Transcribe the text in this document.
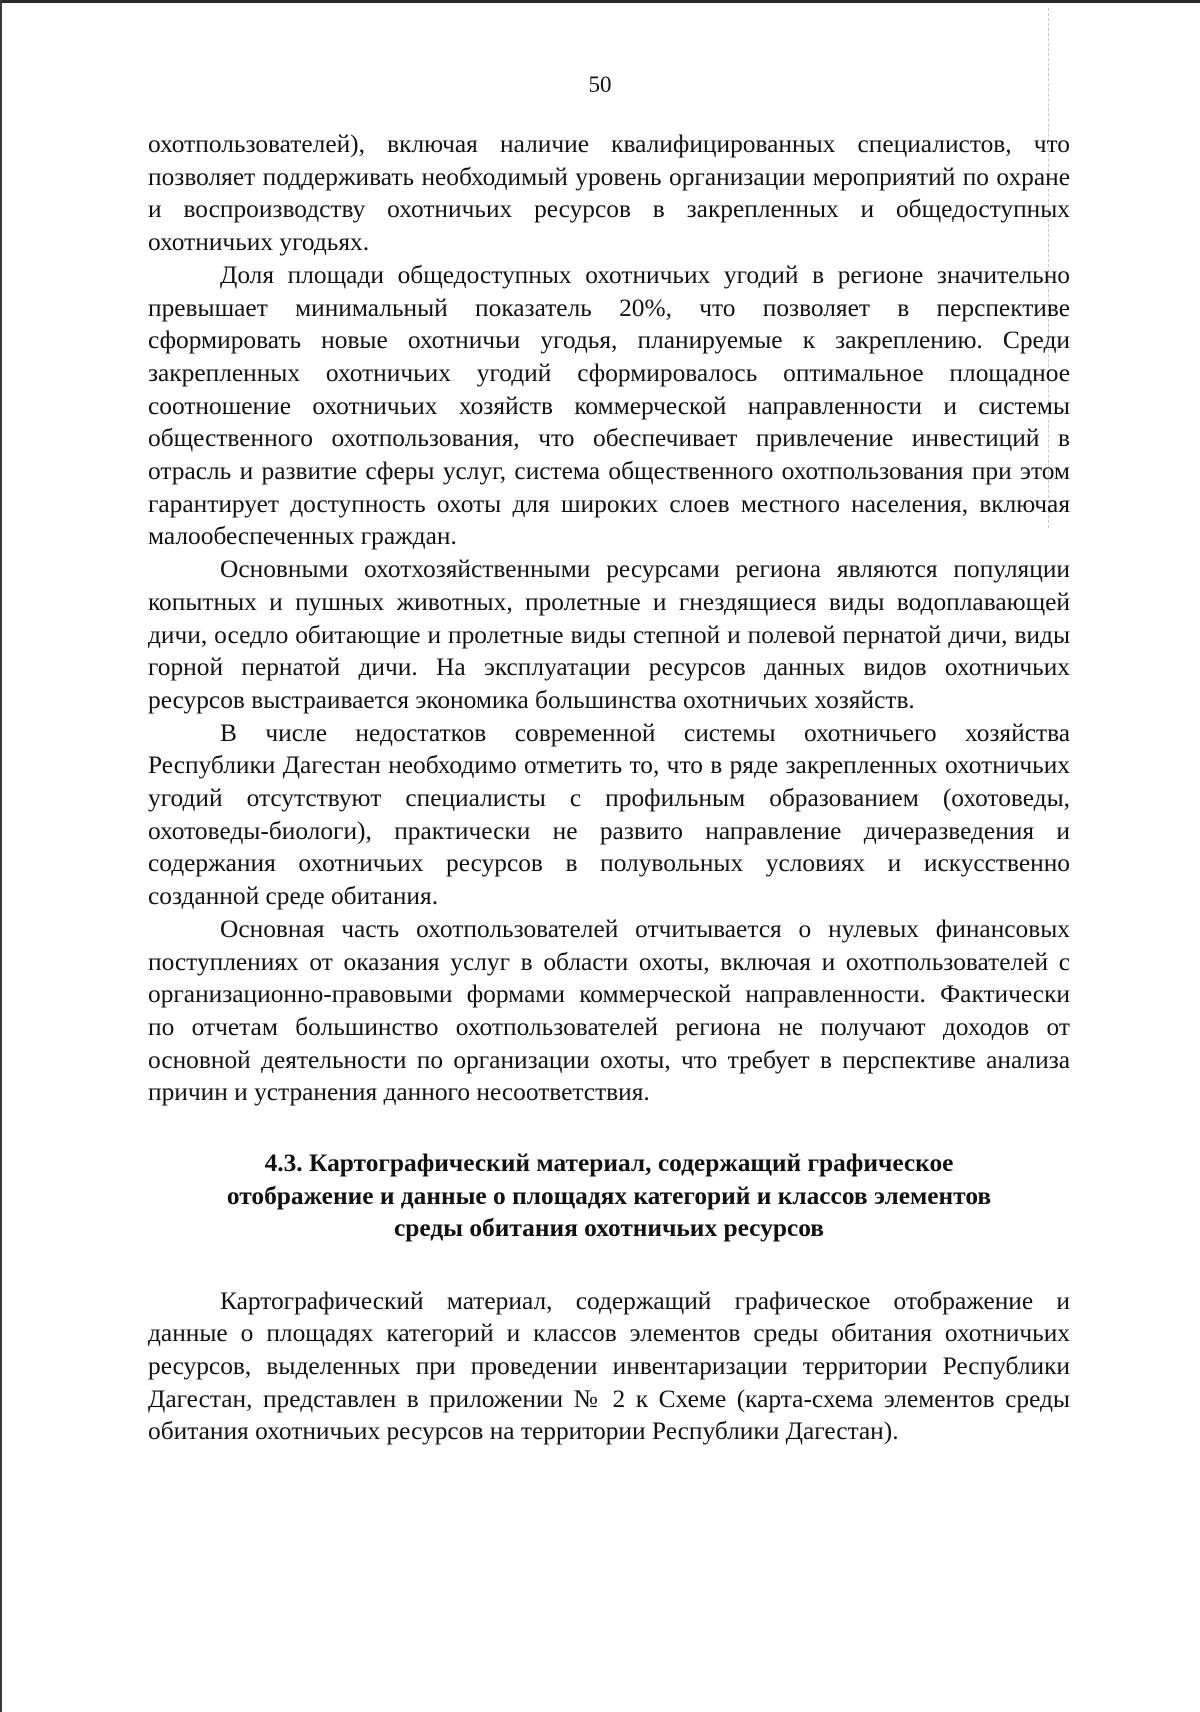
50

охотпользователей), включая наличие квалифицированных специалистов, что позволяет поддерживать необходимый уровень организации мероприятий по охране и воспроизводству охотничьих ресурсов в закрепленных и общедоступных охотничьих угодьях.

Доля площади общедоступных охотничьих угодий в регионе значительно превышает минимальный показатель 20%, что позволяет в перспективе сформировать новые охотничьи угодья, планируемые к закреплению. Среди закрепленных охотничьих угодий сформировалось оптимальное площадное соотношение охотничьих хозяйств коммерческой направленности и системы общественного охотпользования, что обеспечивает привлечение инвестиций в отрасль и развитие сферы услуг, система общественного охотпользования при этом гарантирует доступность охоты для широких слоев местного населения, включая малообеспеченных граждан.

Основными охотхозяйственными ресурсами региона являются популяции копытных и пушных животных, пролетные и гнездящиеся виды водоплавающей дичи, оседло обитающие и пролетные виды степной и полевой пернатой дичи, виды горной пернатой дичи. На эксплуатации ресурсов данных видов охотничьих ресурсов выстраивается экономика большинства охотничьих хозяйств.

В числе недостатков современной системы охотничьего хозяйства Республики Дагестан необходимо отметить то, что в ряде закрепленных охотничьих угодий отсутствуют специалисты с профильным образованием (охотоведы, охотоведы-биологи), практически не развито направление дичеразведения и содержания охотничьих ресурсов в полувольных условиях и искусственно созданной среде обитания.

Основная часть охотпользователей отчитывается о нулевых финансовых поступлениях от оказания услуг в области охоты, включая и охотпользователей с организационно-правовыми формами коммерческой направленности. Фактически по отчетам большинство охотпользователей региона не получают доходов от основной деятельности по организации охоты, что требует в перспективе анализа причин и устранения данного несоответствия.

4.3. Картографический материал, содержащий графическое
отображение и данные о площадях категорий и классов элементов
среды обитания охотничьих ресурсов

Картографический материал, содержащий графическое отображение и данные о площадях категорий и классов элементов среды обитания охотничьих ресурсов, выделенных при проведении инвентаризации территории Республики Дагестан, представлен в приложении № 2 к Схеме (карта-схема элементов среды обитания охотничьих ресурсов на территории Республики Дагестан).
